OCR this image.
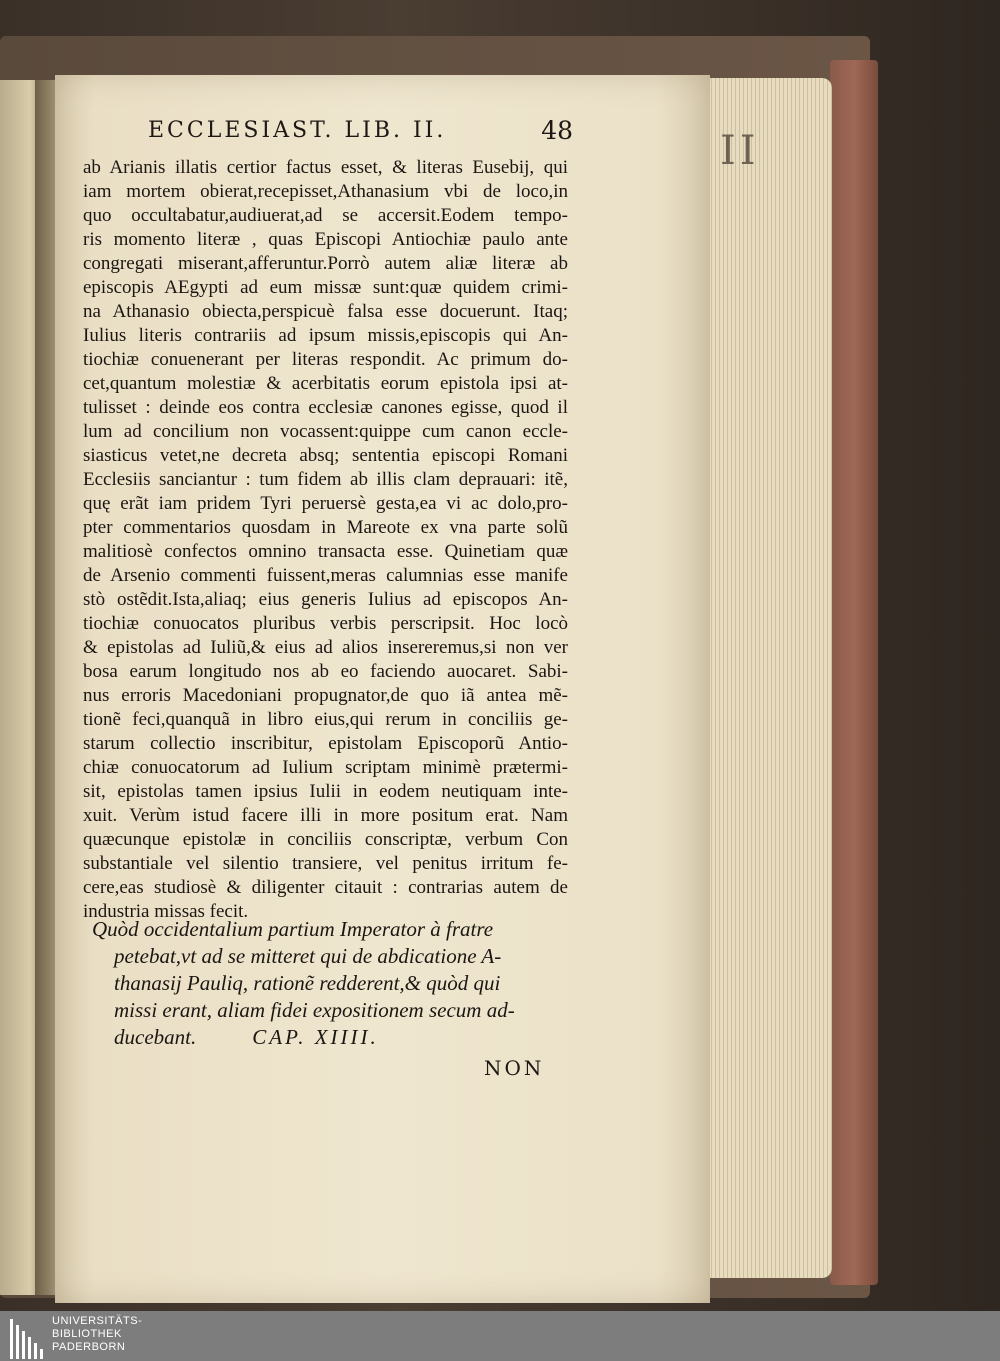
II
ECCLESIAST. LIB. II.	48
ab Arianis illatis certior factus esset, & literas Eusebij, qui
iam mortem obierat,recepisset,Athanasium vbi de loco,in
quo occultabatur,audiuerat,ad se accersit.Eodem tempo-
ris momento literæ , quas Episcopi Antiochiæ paulo ante
congregati miserant,afferuntur.Porrò autem aliæ literæ ab
episcopis AEgypti ad eum missæ sunt:quæ quidem crimi-
na Athanasio obiecta,perspicuè falsa esse docuerunt. Itaq;
Iulius literis contrariis ad ipsum missis,episcopis qui An-
tiochiæ conuenerant per literas respondit. Ac primum do-
cet,quantum molestiæ & acerbitatis eorum epistola ipsi at-
tulisset : deinde eos contra ecclesiæ canones egisse, quod il
lum ad concilium non vocassent:quippe cum canon eccle-
siasticus vetet,ne decreta absq; sententia episcopi Romani
Ecclesiis sanciantur : tum fidem ab illis clam deprauari: itẽ,
quę erãt iam pridem Tyri peruersè gesta,ea vi ac dolo,pro-
pter commentarios quosdam in Mareote ex vna parte solũ
malitiosè confectos omnino transacta esse. Quinetiam quæ
de Arsenio commenti fuissent,meras calumnias esse manife
stò ostẽdit.Ista,aliaq; eius generis Iulius ad episcopos An-
tiochiæ conuocatos pluribus verbis perscripsit. Hoc locò
& epistolas ad Iuliũ,& eius ad alios insereremus,si non ver
bosa earum longitudo nos ab eo faciendo auocaret. Sabi-
nus erroris Macedoniani propugnator,de quo iã antea mẽ-
tionẽ feci,quanquã in libro eius,qui rerum in conciliis ge-
starum collectio inscribitur, epistolam Episcoporũ Antio-
chiæ conuocatorum ad Iulium scriptam minimè prætermi-
sit, epistolas tamen ipsius Iulii in eodem neutiquam inte-
xuit. Verùm istud facere illi in more positum erat. Nam
quæcunque epistolæ in conciliis conscriptæ, verbum Con
substantiale vel silentio transiere, vel penitus irritum fe-
cere,eas studiosè & diligenter citauit : contrarias autem de
industria missas fecit.
Quòd occidentalium partium Imperator à fratre
petebat,vt ad se mitteret qui de abdicatione A-
thanasij Pauliq, rationẽ redderent,& quòd qui
missi erant, aliam fidei expositionem secum ad-
ducebant.	CAP. XIIII.
NON
UNIVERSITÄTS-
BIBLIOTHEK
PADERBORN
